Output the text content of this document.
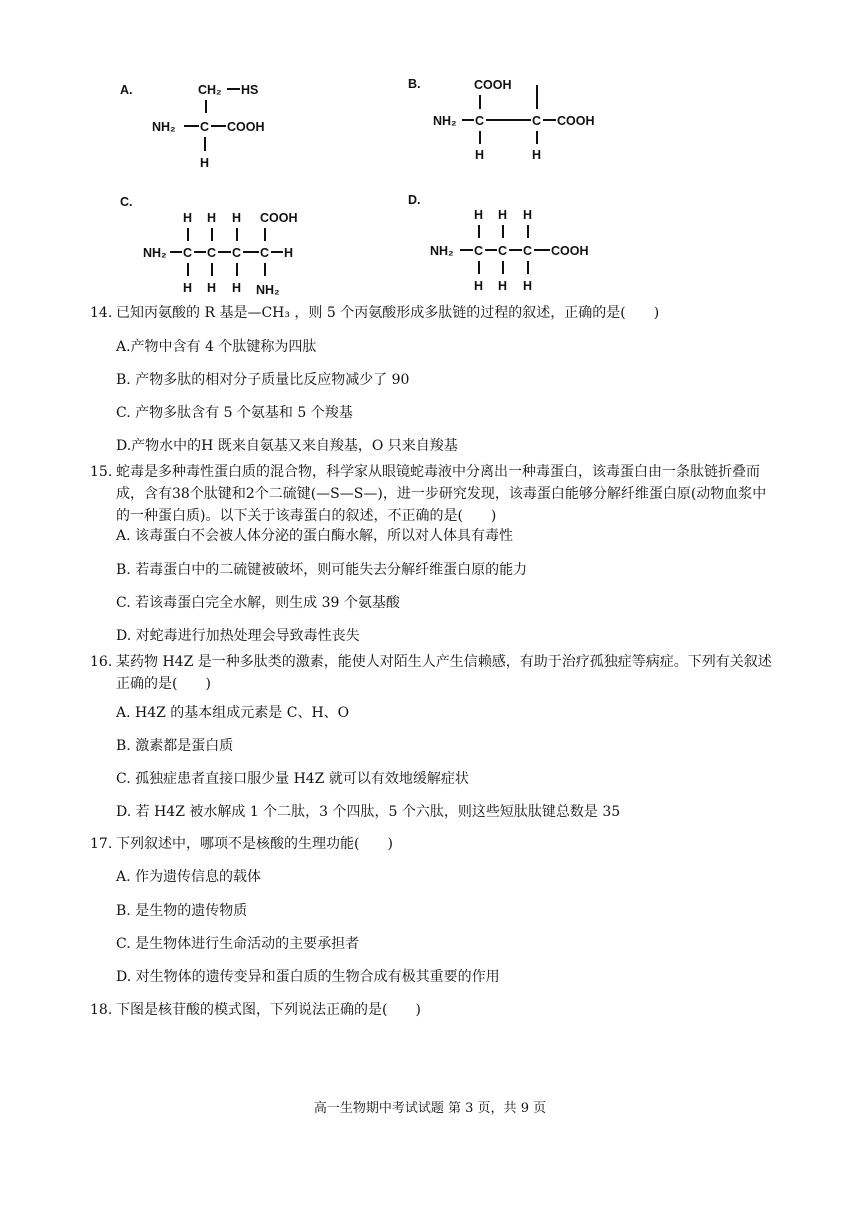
A.	CH₂ HS
NH₂ C COOH
H
B.	COOH
NH₂ C	C COOH
H	H
C.
H H H COOH
NH₂ C C C C H
H H H NH₂
D.
H H H
NH₂ C C C COOH
H H H
14. 已知丙氨酸的 R 基是—CH₃ ，则 5 个丙氨酸形成多肽链的过程的叙述，正确的是(　　)
A.产物中含有 4 个肽键称为四肽
B. 产物多肽的相对分子质量比反应物减少了 90
C. 产物多肽含有 5 个氨基和 5 个羧基
D.产物水中的H 既来自氨基又来自羧基，O 只来自羧基
15. 蛇毒是多种毒性蛋白质的混合物，科学家从眼镜蛇毒液中分离出一种毒蛋白，该毒蛋白由一条肽链折叠而成，含有38个肽键和2个二硫键(—S—S—)，进一步研究发现，该毒蛋白能够分解纤维蛋白原(动物血浆中的一种蛋白质)。以下关于该毒蛋白的叙述，不正确的是(　　)
A. 该毒蛋白不会被人体分泌的蛋白酶水解，所以对人体具有毒性
B. 若毒蛋白中的二硫键被破坏，则可能失去分解纤维蛋白原的能力
C. 若该毒蛋白完全水解，则生成 39 个氨基酸
D. 对蛇毒进行加热处理会导致毒性丧失
16. 某药物 H4Z 是一种多肽类的激素，能使人对陌生人产生信赖感，有助于治疗孤独症等病症。下列有关叙述正确的是(　　)
A. H4Z 的基本组成元素是 C、H、O
B. 激素都是蛋白质
C. 孤独症患者直接口服少量 H4Z 就可以有效地缓解症状
D. 若 H4Z 被水解成 1 个二肽，3 个四肽，5 个六肽，则这些短肽肽键总数是 35
17. 下列叙述中，哪项不是核酸的生理功能(　　)
A. 作为遗传信息的载体
B. 是生物的遗传物质
C. 是生物体进行生命活动的主要承担者
D. 对生物体的遗传变异和蛋白质的生物合成有极其重要的作用
18. 下图是核苷酸的模式图，下列说法正确的是(　　)
高一生物期中考试试题 第 3 页，共 9 页
